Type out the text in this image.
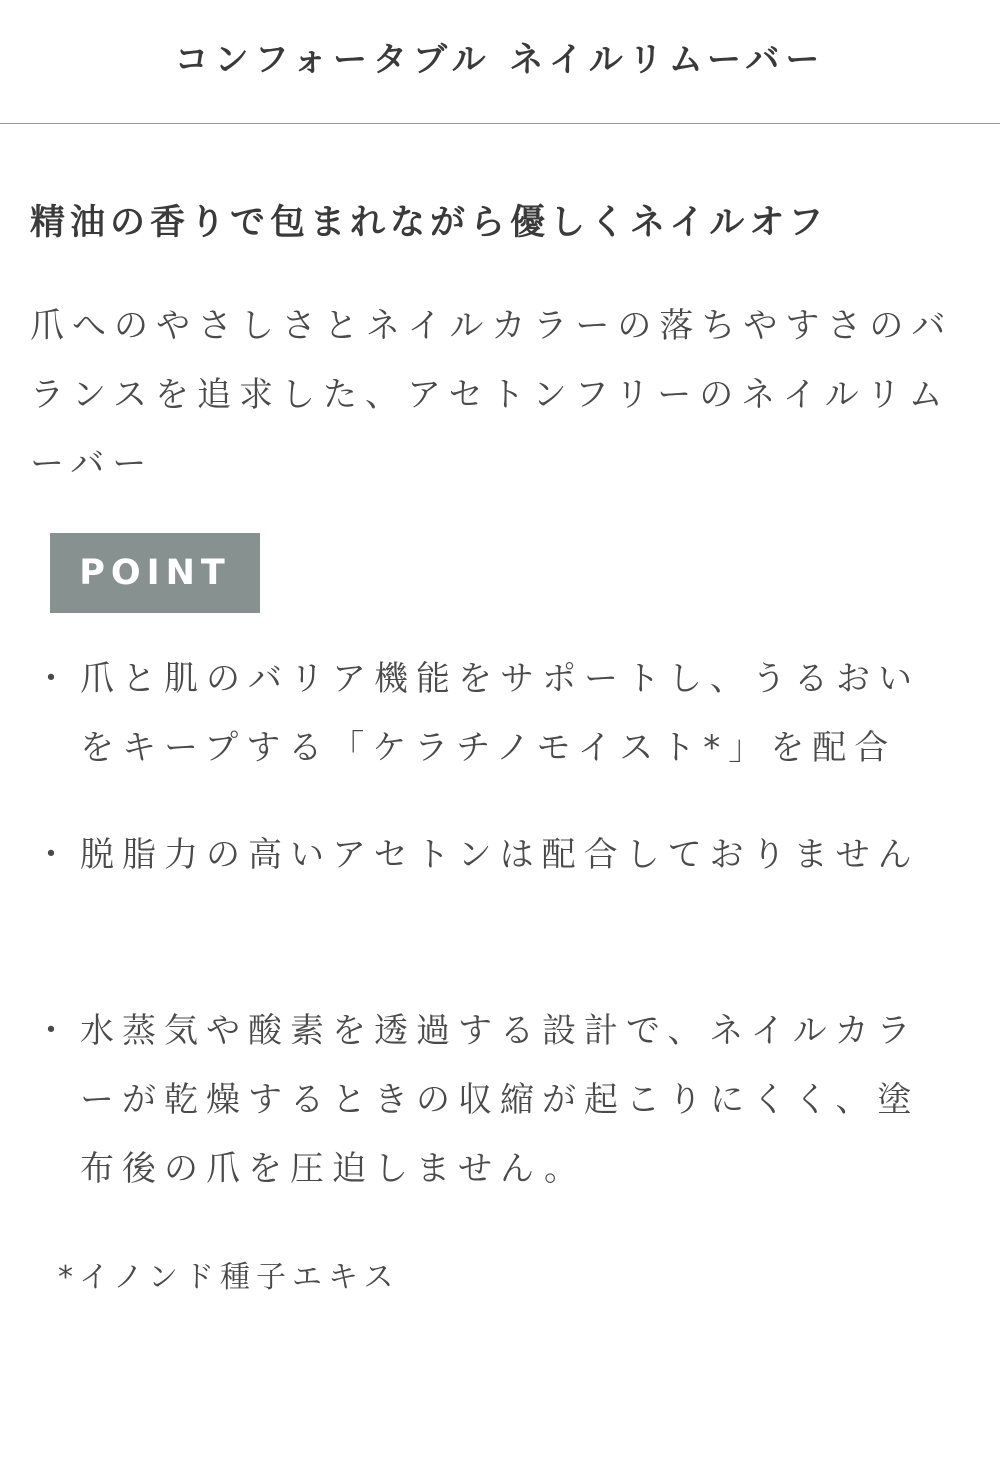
コンフォータブル ネイルリムーバー
精油の香りで包まれながら優しくネイルオフ

爪へのやさしさとネイルカラーの落ちやすさのバランスを追求した、アセトンフリーのネイルリムーバー

POINT
・ 爪と肌のバリア機能をサポートし、うるおいをキープする「ケラチノモイスト*」を配合
・ 脱脂力の高いアセトンは配合しておりません
・ 水蒸気や酸素を透過する設計で、ネイルカラーが乾燥するときの収縮が起こりにくく、塗布後の爪を圧迫しません。
*イノンド種子エキス
